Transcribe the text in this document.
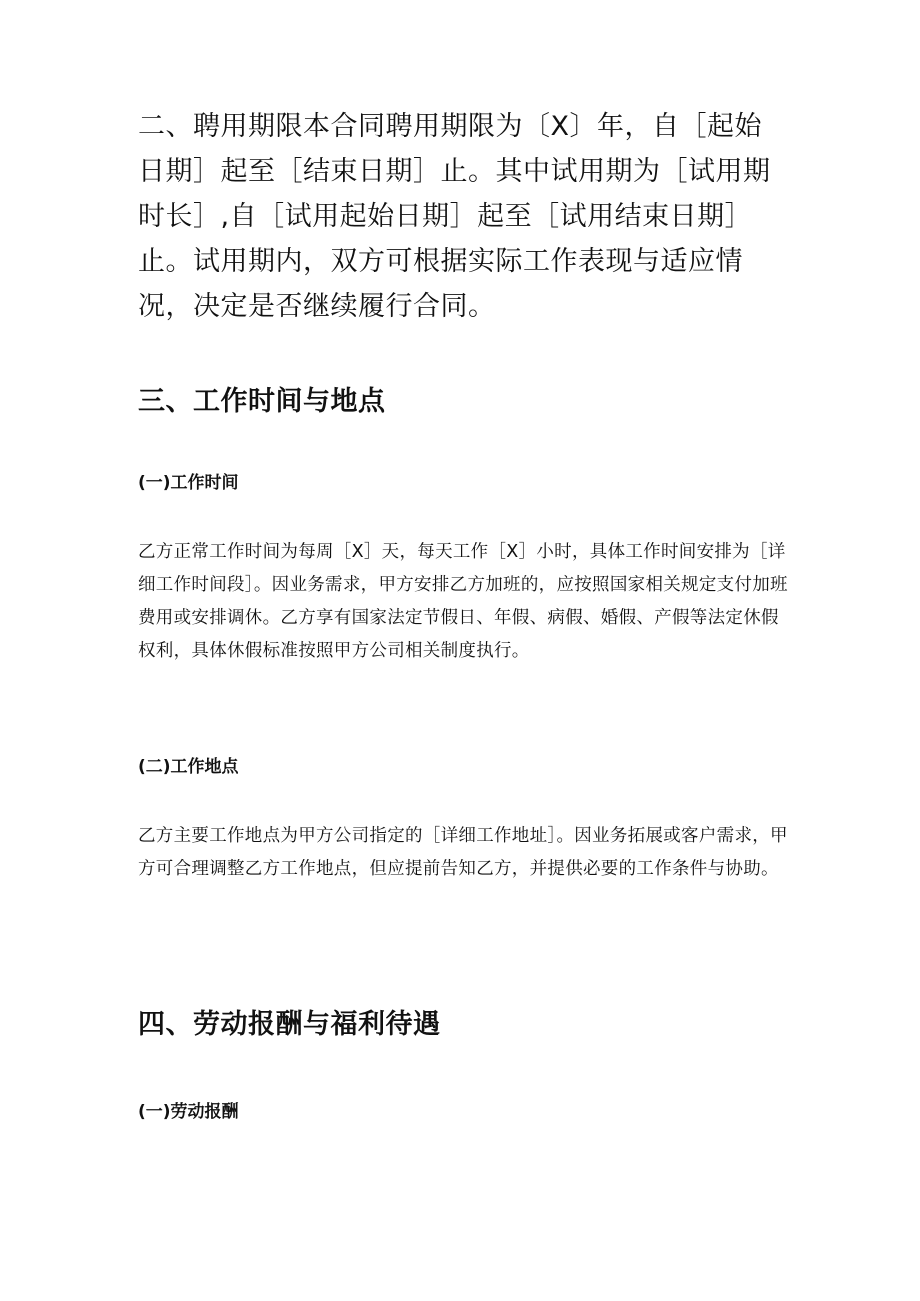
二、聘用期限本合同聘用期限为〔X〕年，自［起始日期］起至［结束日期］止。其中试用期为［试用期时长］,自［试用起始日期］起至［试用结束日期］止。试用期内，双方可根据实际工作表现与适应情况，决定是否继续履行合同。

三、工作时间与地点
(一)工作时间

乙方正常工作时间为每周［X］天，每天工作［X］小时，具体工作时间安排为［详细工作时间段］。因业务需求，甲方安排乙方加班的，应按照国家相关规定支付加班费用或安排调休。乙方享有国家法定节假日、年假、病假、婚假、产假等法定休假权利，具体休假标准按照甲方公司相关制度执行。

(二)工作地点

乙方主要工作地点为甲方公司指定的［详细工作地址］。因业务拓展或客户需求，甲方可合理调整乙方工作地点，但应提前告知乙方，并提供必要的工作条件与协助。

四、劳动报酬与福利待遇
(一)劳动报酬
